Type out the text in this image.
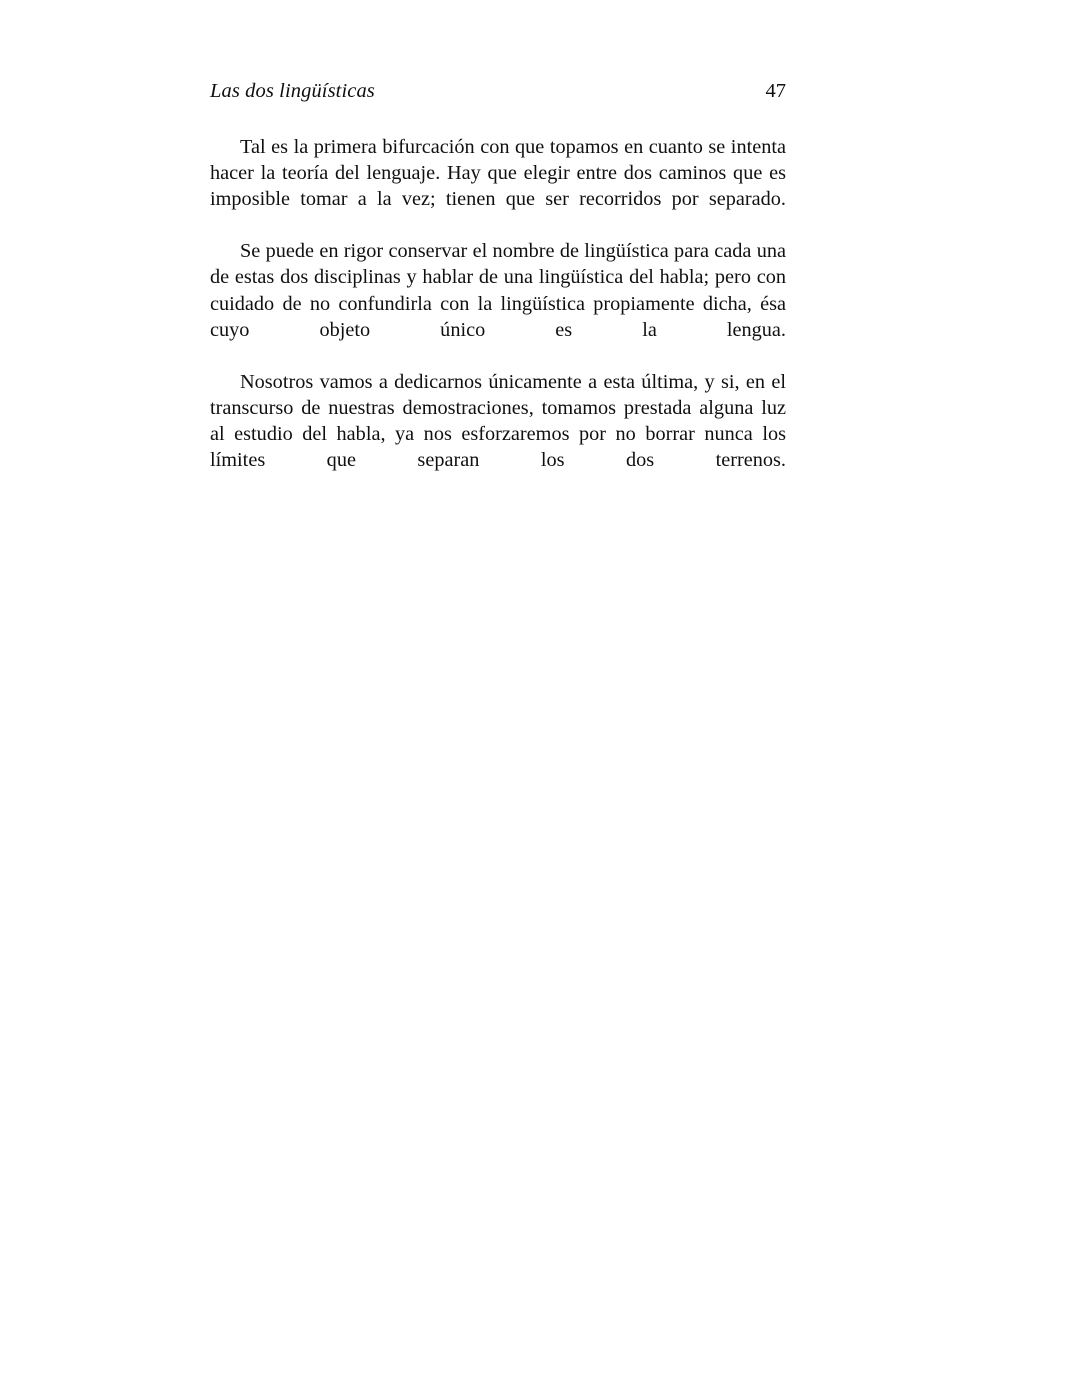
Las dos lingüísticas	47

Tal es la primera bifurcación con que topamos en cuanto se intenta hacer la teoría del lenguaje. Hay que elegir entre dos caminos que es imposible tomar a la vez; tienen que ser recorridos por separado.

Se puede en rigor conservar el nombre de lingüística para cada una de estas dos disciplinas y hablar de una lingüística del habla; pero con cuidado de no confundirla con la lingüística propiamente dicha, ésa cuyo objeto único es la lengua.

Nosotros vamos a dedicarnos únicamente a esta última, y si, en el transcurso de nuestras demostraciones, tomamos prestada alguna luz al estudio del habla, ya nos esforzaremos por no borrar nunca los límites que separan los dos terrenos.
